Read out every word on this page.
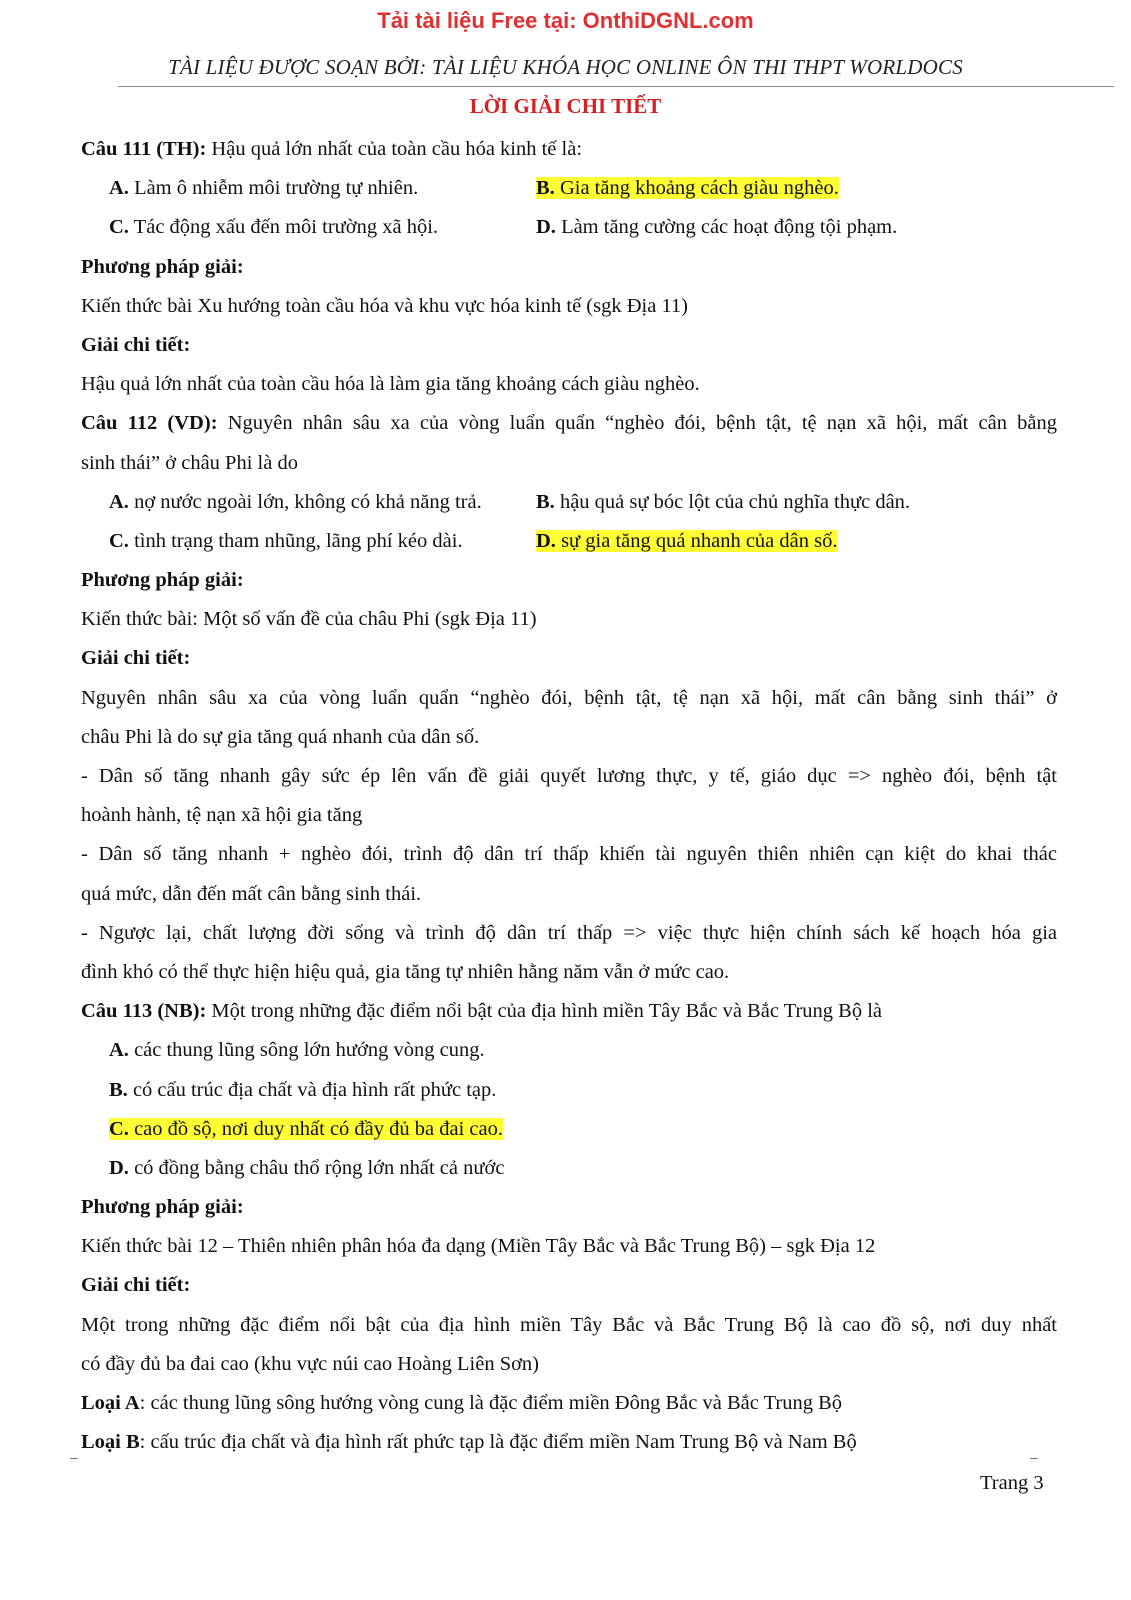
Tải tài liệu Free tại: OnthiDGNL.com
TÀI LIỆU ĐƯỢC SOẠN BỞI: TÀI LIỆU KHÓA HỌC ONLINE ÔN THI THPT WORLDOCS
LỜI GIẢI CHI TIẾT
Câu 111 (TH): Hậu quả lớn nhất của toàn cầu hóa kinh tế là:
A. Làm ô nhiễm môi trường tự nhiên.	B. Gia tăng khoảng cách giàu nghèo.
C. Tác động xấu đến môi trường xã hội.	D. Làm tăng cường các hoạt động tội phạm.
Phương pháp giải:
Kiến thức bài Xu hướng toàn cầu hóa và khu vực hóa kinh tế (sgk Địa 11)
Giải chi tiết:
Hậu quả lớn nhất của toàn cầu hóa là làm gia tăng khoảng cách giàu nghèo.
Câu 112 (VD): Nguyên nhân sâu xa của vòng luẩn quẩn “nghèo đói, bệnh tật, tệ nạn xã hội, mất cân bằng
sinh thái” ở châu Phi là do
A. nợ nước ngoài lớn, không có khả năng trả.	B. hậu quả sự bóc lột của chủ nghĩa thực dân.
C. tình trạng tham nhũng, lãng phí kéo dài.	D. sự gia tăng quá nhanh của dân số.
Phương pháp giải:
Kiến thức bài: Một số vấn đề của châu Phi (sgk Địa 11)
Giải chi tiết:
Nguyên nhân sâu xa của vòng luẩn quẩn “nghèo đói, bệnh tật, tệ nạn xã hội, mất cân bằng sinh thái” ở
châu Phi là do sự gia tăng quá nhanh của dân số.
- Dân số tăng nhanh gây sức ép lên vấn đề giải quyết lương thực, y tế, giáo dục => nghèo đói, bệnh tật
hoành hành, tệ nạn xã hội gia tăng
- Dân số tăng nhanh + nghèo đói, trình độ dân trí thấp khiến tài nguyên thiên nhiên cạn kiệt do khai thác
quá mức, dẫn đến mất cân bằng sinh thái.
- Ngược lại, chất lượng đời sống và trình độ dân trí thấp => việc thực hiện chính sách kế hoạch hóa gia
đình khó có thể thực hiện hiệu quả, gia tăng tự nhiên hằng năm vẫn ở mức cao.
Câu 113 (NB): Một trong những đặc điểm nổi bật của địa hình miền Tây Bắc và Bắc Trung Bộ là
A. các thung lũng sông lớn hướng vòng cung.
B. có cấu trúc địa chất và địa hình rất phức tạp.
C. cao đồ sộ, nơi duy nhất có đầy đủ ba đai cao.
D. có đồng bằng châu thổ rộng lớn nhất cả nước
Phương pháp giải:
Kiến thức bài 12 – Thiên nhiên phân hóa đa dạng (Miền Tây Bắc và Bắc Trung Bộ) – sgk Địa 12
Giải chi tiết:
Một trong những đặc điểm nổi bật của địa hình miền Tây Bắc và Bắc Trung Bộ là cao đồ sộ, nơi duy nhất
có đầy đủ ba đai cao (khu vực núi cao Hoàng Liên Sơn)
Loại A: các thung lũng sông hướng vòng cung là đặc điểm miền Đông Bắc và Bắc Trung Bộ
Loại B: cấu trúc địa chất và địa hình rất phức tạp là đặc điểm miền Nam Trung Bộ và Nam Bộ
Trang 3
